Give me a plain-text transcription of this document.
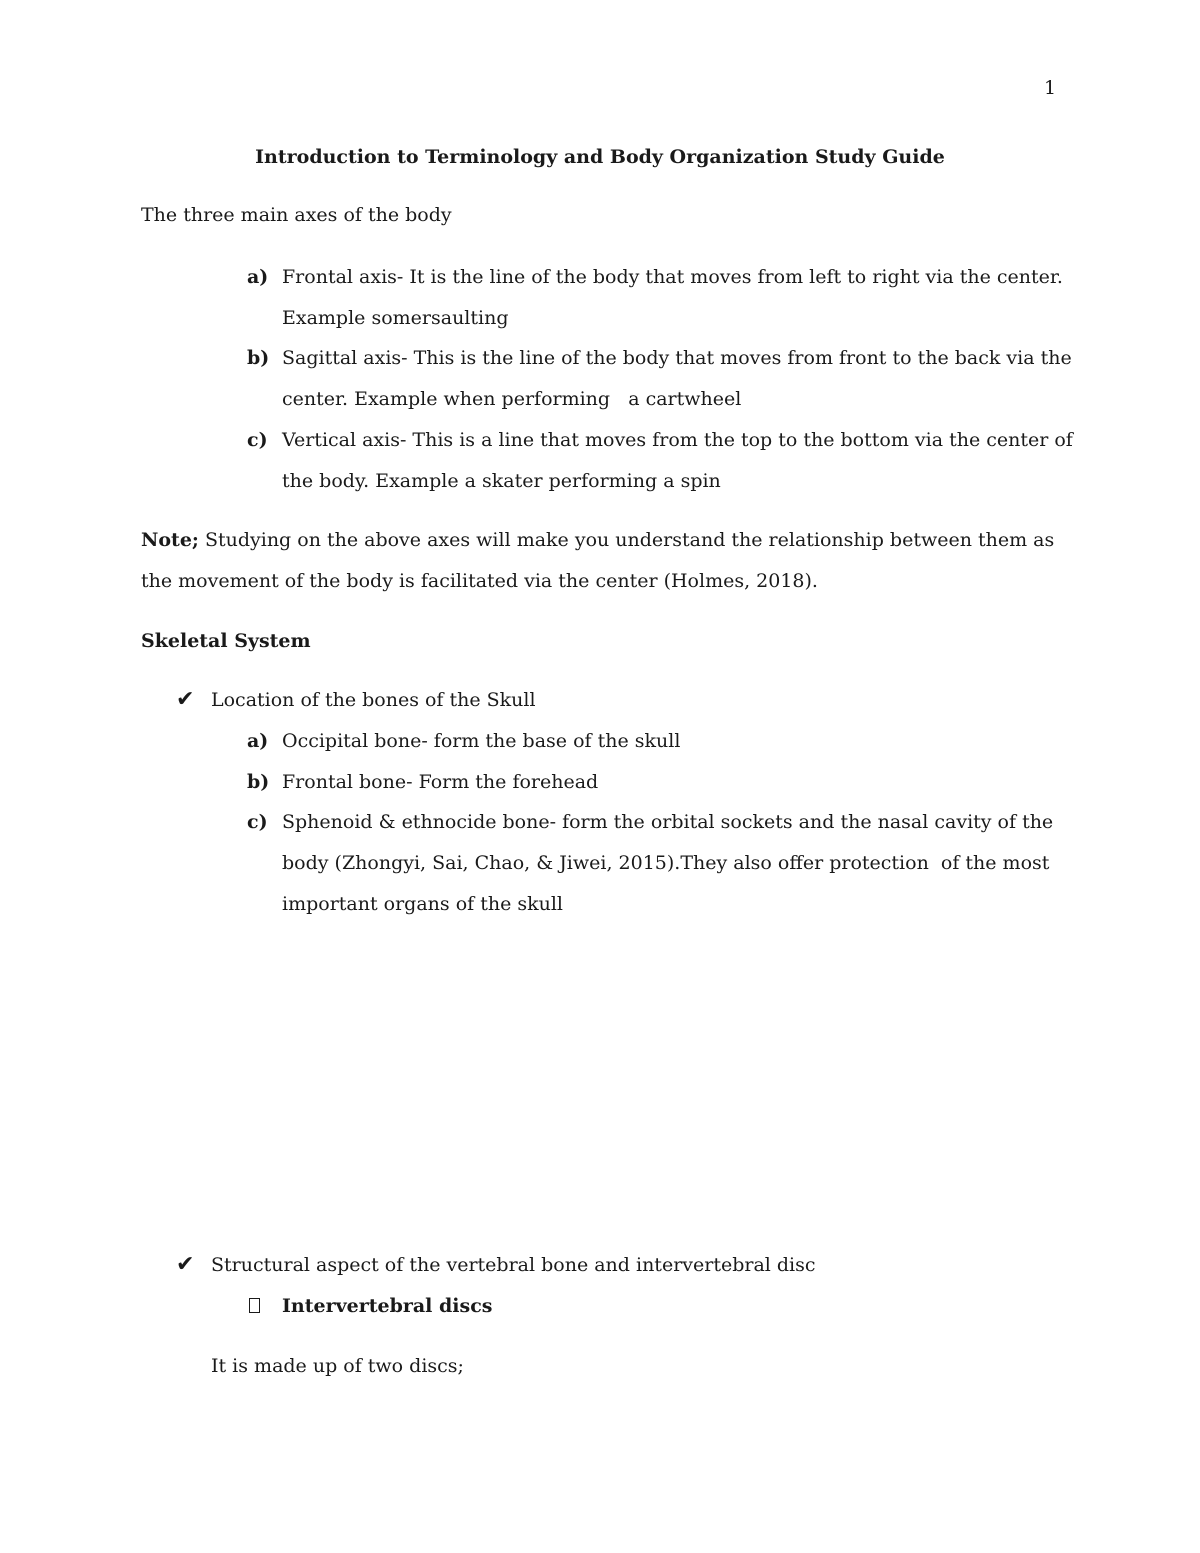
1
Introduction to Terminology and Body Organization Study Guide
The three main axes of the body
a) Frontal axis- It is the line of the body that moves from left to right via the center.
Example somersaulting
b) Sagittal axis- This is the line of the body that moves from front to the back via the
center. Example when performing   a cartwheel
c) Vertical axis- This is a line that moves from the top to the bottom via the center of
the body. Example a skater performing a spin
Note; Studying on the above axes will make you understand the relationship between them as
the movement of the body is facilitated via the center (Holmes, 2018).
Skeletal System
✔ Location of the bones of the Skull
a) Occipital bone- form the base of the skull
b) Frontal bone- Form the forehead
c) Sphenoid & ethnocide bone- form the orbital sockets and the nasal cavity of the
body (Zhongyi, Sai, Chao, & Jiwei, 2015).They also offer protection  of the most
important organs of the skull
✔ Structural aspect of the vertebral bone and intervertebral disc
Intervertebral discs
It is made up of two discs;
